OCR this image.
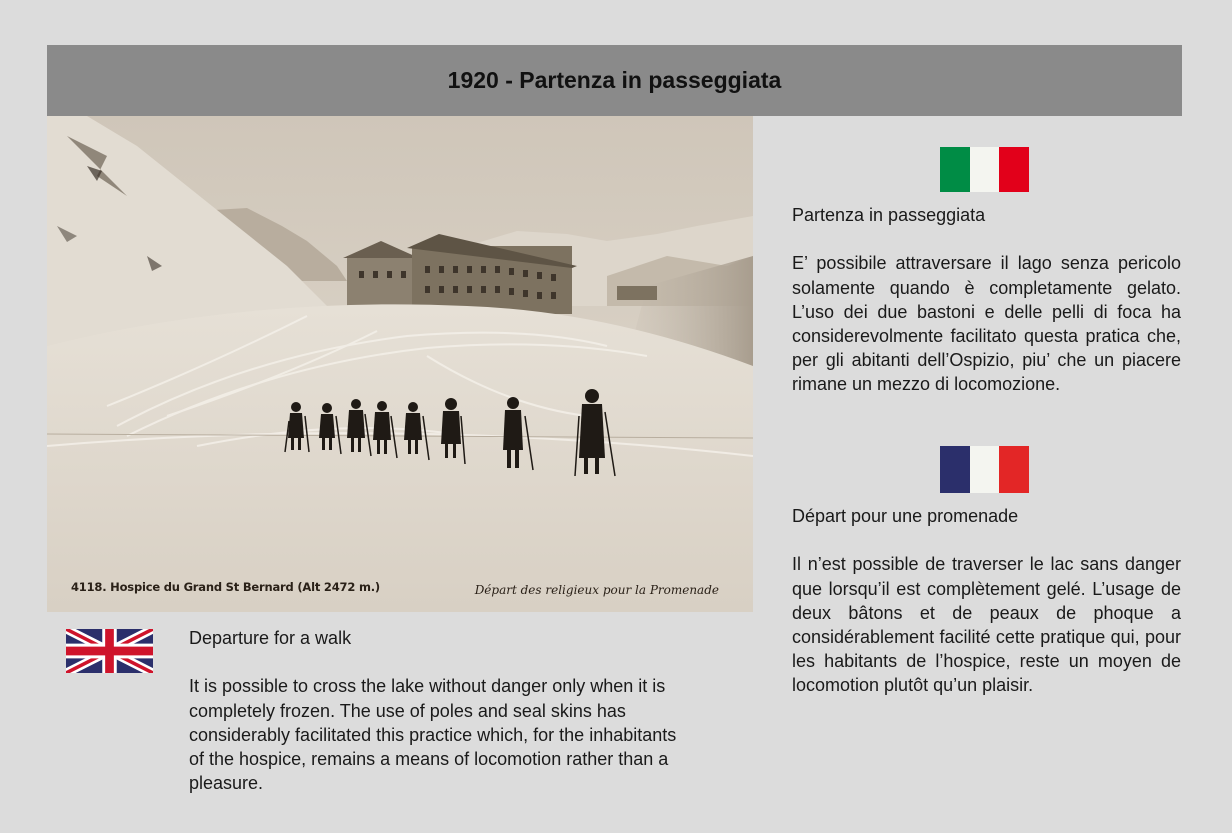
1920 - Partenza in passeggiata
4118. Hospice du Grand St Bernard (Alt 2472 m.)	Départ des religieux pour la Promenade

Partenza in passeggiata

E’ possibile attraversare il lago senza pericolo solamente quando è completamente gelato. L’uso dei due bastoni e delle pelli di foca ha considerevolmente facilitato questa pratica che, per gli abitanti dell’Ospizio, piu’ che un piacere rimane un mezzo di locomozione.

Départ pour une promenade

Il n’est possible de traverser le lac sans danger que lorsqu’il est complètement gelé. L’usage de deux bâtons et de peaux de phoque a considérablement facilité cette pratique qui, pour les habitants de l’hospice, reste un moyen de locomotion plutôt qu’un plaisir.

Departure for a walk

It is possible to cross the lake without danger only when it is completely frozen. The use of poles and seal skins has considerably facilitated this practice which, for the inhabitants of the hospice, remains a means of locomotion rather than a pleasure.
